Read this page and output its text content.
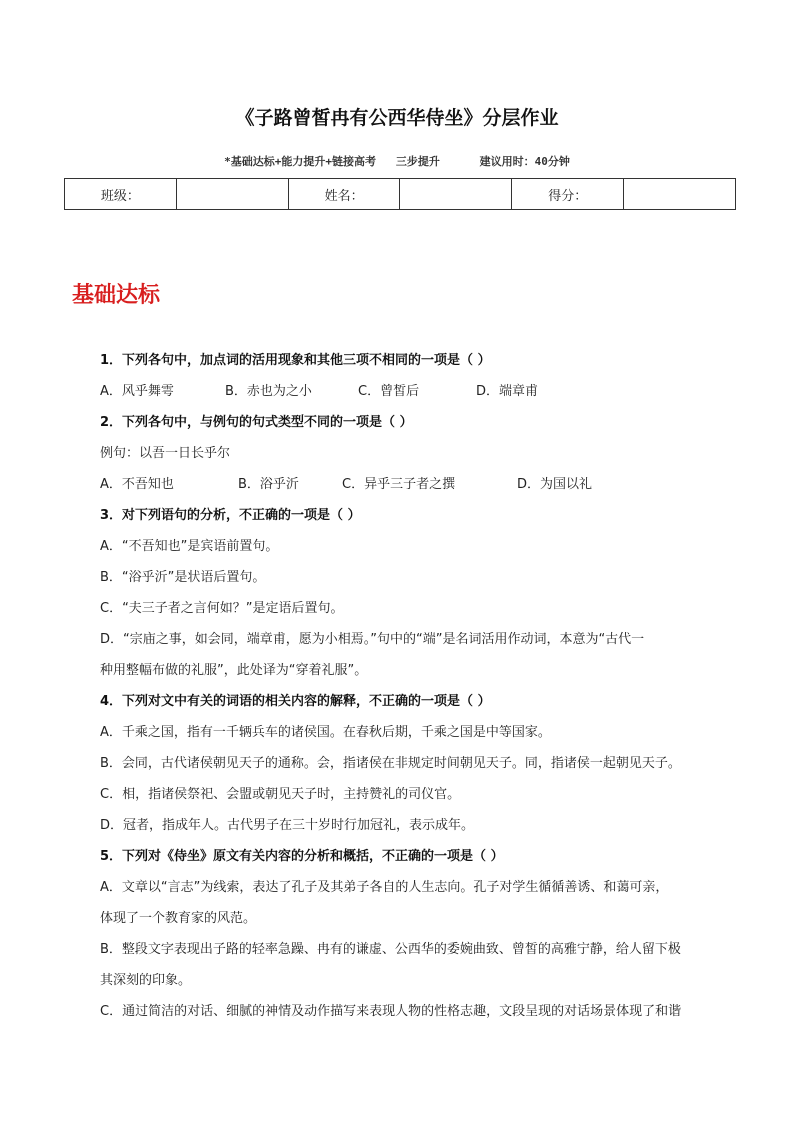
《子路曾皙冉有公西华侍坐》分层作业
*基础达标+能力提升+链接高考   三步提升      建议用时：40分钟
班级：		姓名：		得分：	
基础达标
1．下列各句中，加点词的活用现象和其他三项不相同的一项是（ ）
A．风乎舞雩	B．赤也为之小	C．曾皙后	D．端章甫
2．下列各句中，与例句的句式类型不同的一项是（ ）
例句：以吾一日长乎尔
A．不吾知也	B．浴乎沂	C．异乎三子者之撰	D．为国以礼
3．对下列语句的分析，不正确的一项是（ ）
A．“不吾知也”是宾语前置句。
B．“浴乎沂”是状语后置句。
C．“夫三子者之言何如？”是定语后置句。
D．“宗庙之事，如会同，端章甫，愿为小相焉。”句中的“端”是名词活用作动词，本意为“古代一
种用整幅布做的礼服”，此处译为“穿着礼服”。
4．下列对文中有关的词语的相关内容的解释，不正确的一项是（ ）
A．千乘之国，指有一千辆兵车的诸侯国。在春秋后期，千乘之国是中等国家。
B．会同，古代诸侯朝见天子的通称。会，指诸侯在非规定时间朝见天子。同，指诸侯一起朝见天子。
C．相，指诸侯祭祀、会盟或朝见天子时，主持赞礼的司仪官。
D．冠者，指成年人。古代男子在三十岁时行加冠礼，表示成年。
5．下列对《侍坐》原文有关内容的分析和概括，不正确的一项是（ ）
A．文章以“言志”为线索，表达了孔子及其弟子各自的人生志向。孔子对学生循循善诱、和蔼可亲，
体现了一个教育家的风范。
B．整段文字表现出子路的轻率急躁、冉有的谦虚、公西华的委婉曲致、曾皙的高雅宁静，给人留下极
其深刻的印象。
C．通过简洁的对话、细腻的神情及动作描写来表现人物的性格志趣，文段呈现的对话场景体现了和谐
